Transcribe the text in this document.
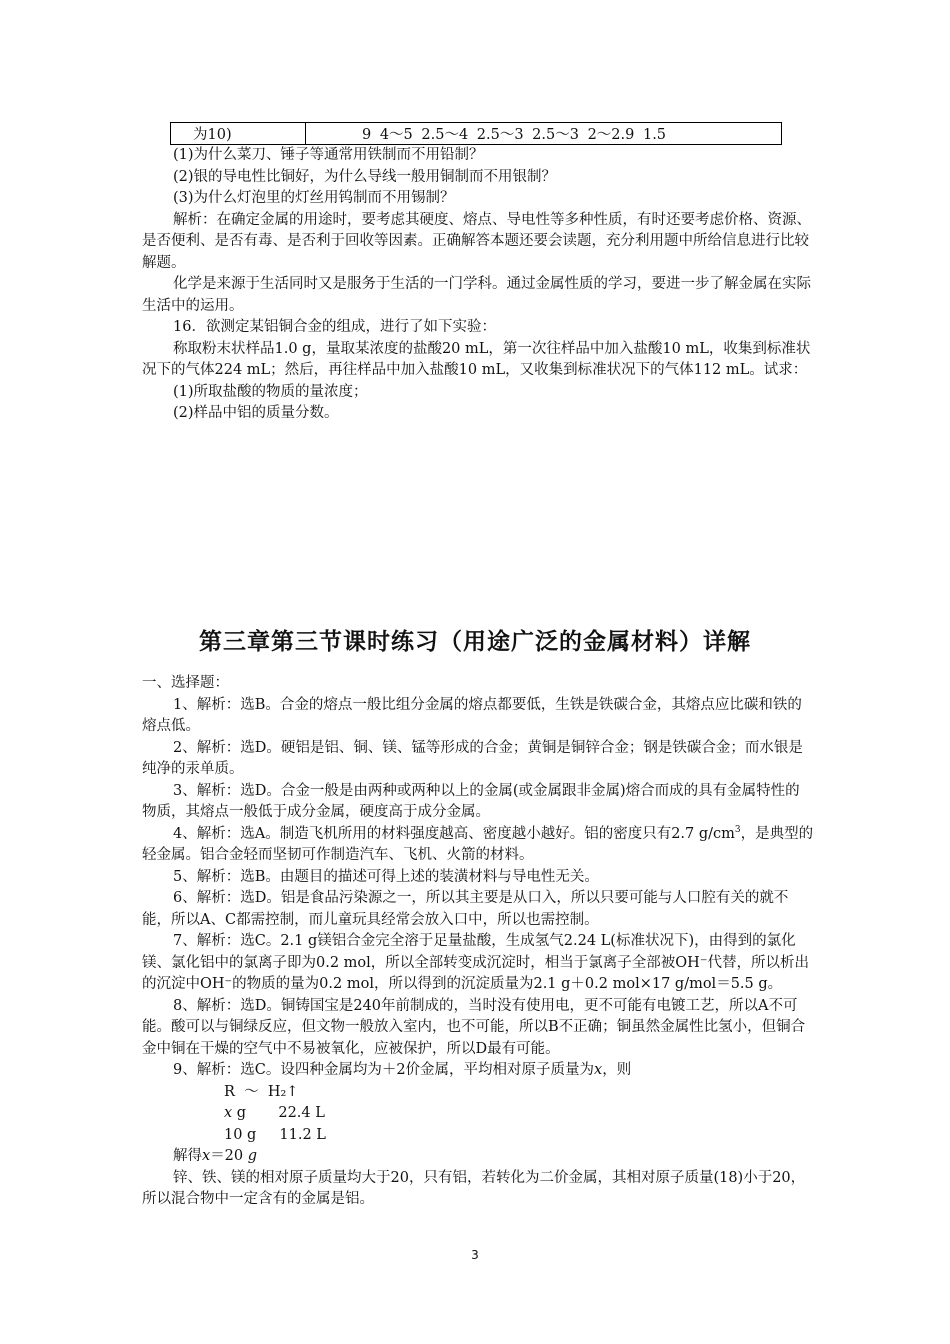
为10)	9 4～5 2.5～4 2.5～3 2.5～3 2～2.9 1.5

(1)为什么菜刀、锤子等通常用铁制而不用铅制？

(2)银的导电性比铜好，为什么导线一般用铜制而不用银制？

(3)为什么灯泡里的灯丝用钨制而不用锡制？

解析：在确定金属的用途时，要考虑其硬度、熔点、导电性等多种性质，有时还要考虑价格、资源、是否便利、是否有毒、是否利于回收等因素。正确解答本题还要会读题，充分利用题中所给信息进行比较解题。

化学是来源于生活同时又是服务于生活的一门学科。通过金属性质的学习，要进一步了解金属在实际生活中的运用。

16．欲测定某铝铜合金的组成，进行了如下实验：

称取粉末状样品1.0 g，量取某浓度的盐酸20 mL，第一次往样品中加入盐酸10 mL，收集到标准状况下的气体224 mL；然后，再往样品中加入盐酸10 mL，又收集到标准状况下的气体112 mL。试求：

(1)所取盐酸的物质的量浓度；

(2)样品中铝的质量分数。

第三章第三节课时练习（用途广泛的金属材料）详解

一、选择题：

1、解析：选B。合金的熔点一般比组分金属的熔点都要低，生铁是铁碳合金，其熔点应比碳和铁的熔点低。

2、解析：选D。硬铝是铝、铜、镁、锰等形成的合金；黄铜是铜锌合金；钢是铁碳合金；而水银是纯净的汞单质。

3、解析：选D。合金一般是由两种或两种以上的金属(或金属跟非金属)熔合而成的具有金属特性的物质，其熔点一般低于成分金属，硬度高于成分金属。

4、解析：选A。制造飞机所用的材料强度越高、密度越小越好。铝的密度只有2.7 $g/cm^3$，是典型的轻金属。铝合金轻而坚韧可作制造汽车、飞机、火箭的材料。

5、解析：选B。由题目的描述可得上述的装潢材料与导电性无关。

6、解析：选D。铝是食品污染源之一，所以其主要是从口入，所以只要可能与人口腔有关的就不能，所以A、C都需控制，而儿童玩具经常会放入口中，所以也需控制。

7、解析：选C。2.1 g镁铝合金完全溶于足量盐酸，生成氢气2.24 L(标准状况下)，由得到的氯化镁、氯化铝中的氯离子即为0.2 mol，所以全部转变成沉淀时，相当于氯离子全部被OH⁻代替，所以析出的沉淀中OH⁻的物质的量为0.2 mol，所以得到的沉淀质量为2.1 g＋0.2 mol×17 g/mol＝5.5 g。

8、解析：选D。铜铸国宝是240年前制成的，当时没有使用电，更不可能有电镀工艺，所以A不可能。酸可以与铜绿反应，但文物一般放入室内，也不可能，所以B不正确；铜虽然金属性比氢小，但铜合金中铜在干燥的空气中不易被氧化，应被保护，所以D最有可能。

9、解析：选C。设四种金属均为＋2价金属，平均相对原子质量为x，则

R  ～  H₂↑

x g       22.4 L

10 g     11.2 L

解得x＝20 g

锌、铁、镁的相对原子质量均大于20，只有铝，若转化为二价金属，其相对原子质量(18)小于20，所以混合物中一定含有的金属是铝。

3
